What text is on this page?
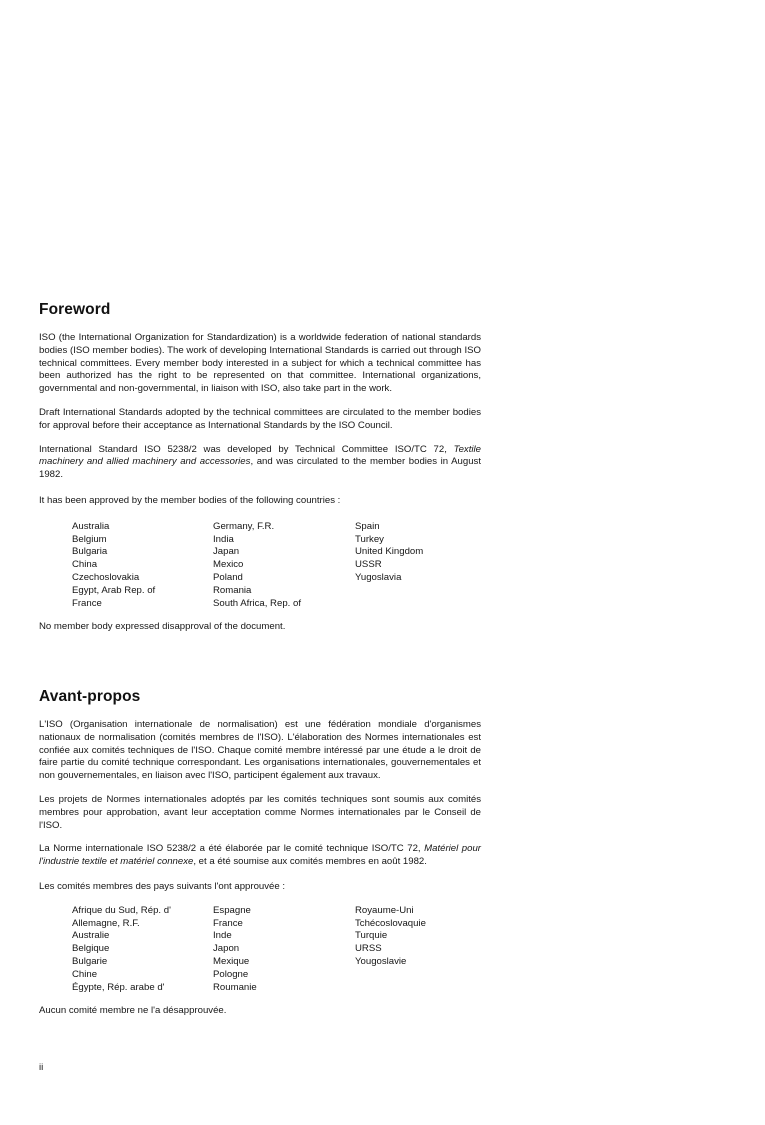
Foreword

ISO (the International Organization for Standardization) is a worldwide federation of national standards bodies (ISO member bodies). The work of developing International Standards is carried out through ISO technical committees. Every member body interested in a subject for which a technical committee has been authorized has the right to be represented on that committee. International organizations, governmental and non-governmental, in liaison with ISO, also take part in the work.

Draft International Standards adopted by the technical committees are circulated to the member bodies for approval before their acceptance as International Standards by the ISO Council.

International Standard ISO 5238/2 was developed by Technical Committee ISO/TC 72, Textile machinery and allied machinery and accessories, and was circulated to the member bodies in August 1982.

It has been approved by the member bodies of the following countries :

Australia
Belgium
Bulgaria
China
Czechoslovakia
Egypt, Arab Rep. of
France
Germany, F.R.
India
Japan
Mexico
Poland
Romania
South Africa, Rep. of
Spain
Turkey
United Kingdom
USSR
Yugoslavia

No member body expressed disapproval of the document.

Avant-propos

L'ISO (Organisation internationale de normalisation) est une fédération mondiale d'organismes nationaux de normalisation (comités membres de l'ISO). L'élaboration des Normes internationales est confiée aux comités techniques de l'ISO. Chaque comité membre intéressé par une étude a le droit de faire partie du comité technique correspondant. Les organisations internationales, gouvernementales et non gouvernementales, en liaison avec l'ISO, participent également aux travaux.

Les projets de Normes internationales adoptés par les comités techniques sont soumis aux comités membres pour approbation, avant leur acceptation comme Normes internationales par le Conseil de l'ISO.

La Norme internationale ISO 5238/2 a été élaborée par le comité technique ISO/TC 72, Matériel pour l'industrie textile et matériel connexe, et a été soumise aux comités membres en août 1982.

Les comités membres des pays suivants l'ont approuvée :

Afrique du Sud, Rép. d'
Allemagne, R.F.
Australie
Belgique
Bulgarie
Chine
Égypte, Rép. arabe d'
Espagne
France
Inde
Japon
Mexique
Pologne
Roumanie
Royaume-Uni
Tchécoslovaquie
Turquie
URSS
Yougoslavie

Aucun comité membre ne l'a désapprouvée.

ii
